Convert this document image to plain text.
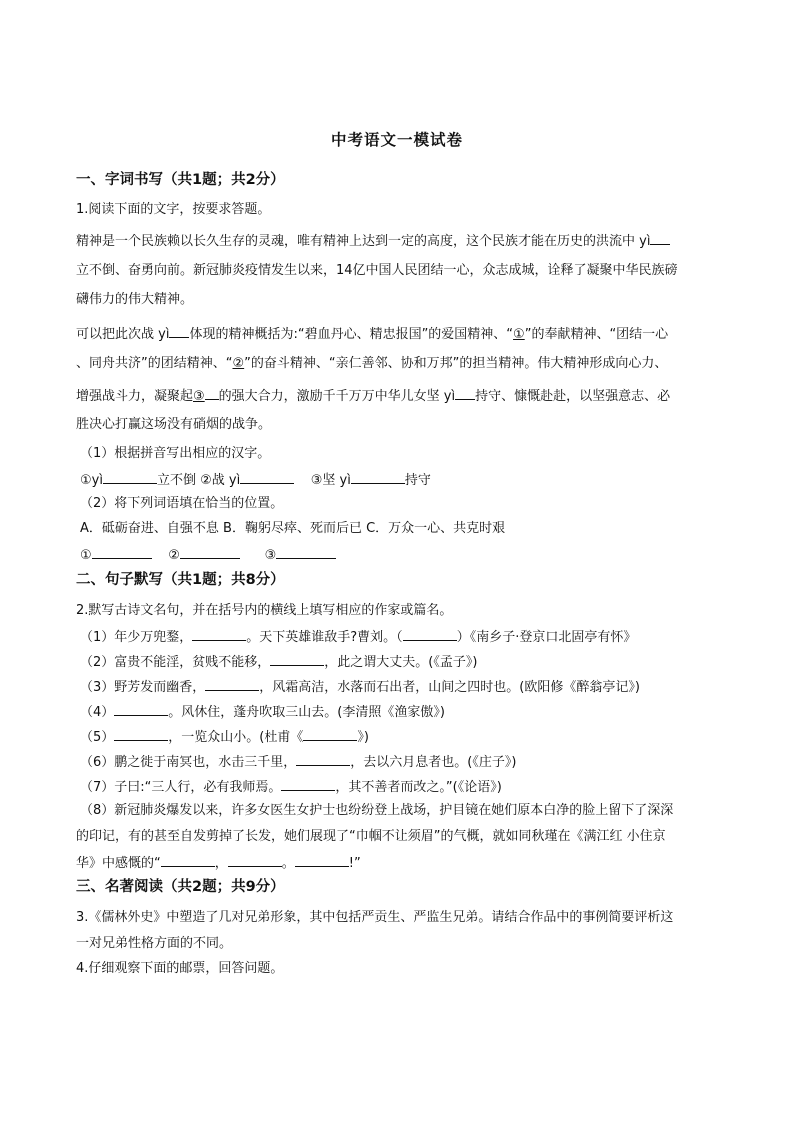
中考语文一模试卷
一、字词书写（共1题；共2分）
1.阅读下面的文字，按要求答题。
精神是一个民族赖以长久生存的灵魂，唯有精神上达到一定的高度，这个民族才能在历史的洪流中 yì
立不倒、奋勇向前。新冠肺炎疫情发生以来，14亿中国人民团结一心，众志成城，诠释了凝聚中华民族磅
礴伟力的伟大精神。
可以把此次战 yì 体现的精神概括为:“碧血丹心、精忠报国”的爱国精神、“①”的奉献精神、“团结一心
、同舟共济”的团结精神、“②”的奋斗精神、“亲仁善邻、协和万邦”的担当精神。伟大精神形成向心力、
增强战斗力，凝聚起③ 的强大合力，激励千千万万中华儿女坚 yì 持守、慷慨赴赴，以坚强意志、必
胜决心打赢这场没有硝烟的战争。
（1）根据拼音写出相应的汉字。
①yì	立不倒 ②战 yì	③坚 yì	持守
（2）将下列词语填在恰当的位置。
A．砥砺奋进、自强不息 B．鞠躬尽瘁、死而后已 C．万众一心、共克时艰
①	②	③
二、句子默写（共1题；共8分）
2.默写古诗文名句，并在括号内的横线上填写相应的作家或篇名。
（1）年少万兜鍪，	。天下英雄谁敌手?曹刘。（	）《南乡子·登京口北固亭有怀》
（2）富贵不能淫，贫贱不能移，	，此之谓大丈夫。(《孟子》)
（3）野芳发而幽香，	，风霜高洁，水落而石出者，山间之四时也。(欧阳修《醉翁亭记》)
（4）	。风休住，蓬舟吹取三山去。(李清照《渔家傲》)
（5）	，一览众山小。(杜甫《	》)
（6）鹏之徙于南冥也，水击三千里，	，去以六月息者也。(《庄子》)
（7）子曰:“三人行，必有我师焉。	，其不善者而改之。”(《论语》)
（8）新冠肺炎爆发以来，许多女医生女护士也纷纷登上战场，护目镜在她们原本白净的脸上留下了深深
的印记，有的甚至自发剪掉了长发，她们展现了“巾帼不让须眉”的气概，就如同秋瑾在《满江红 小住京
华》中感慨的“	，	。	!”
三、名著阅读（共2题；共9分）
3.《儒林外史》中塑造了几对兄弟形象，其中包括严贡生、严监生兄弟。请结合作品中的事例简要评析这
一对兄弟性格方面的不同。
4.仔细观察下面的邮票，回答问题。
